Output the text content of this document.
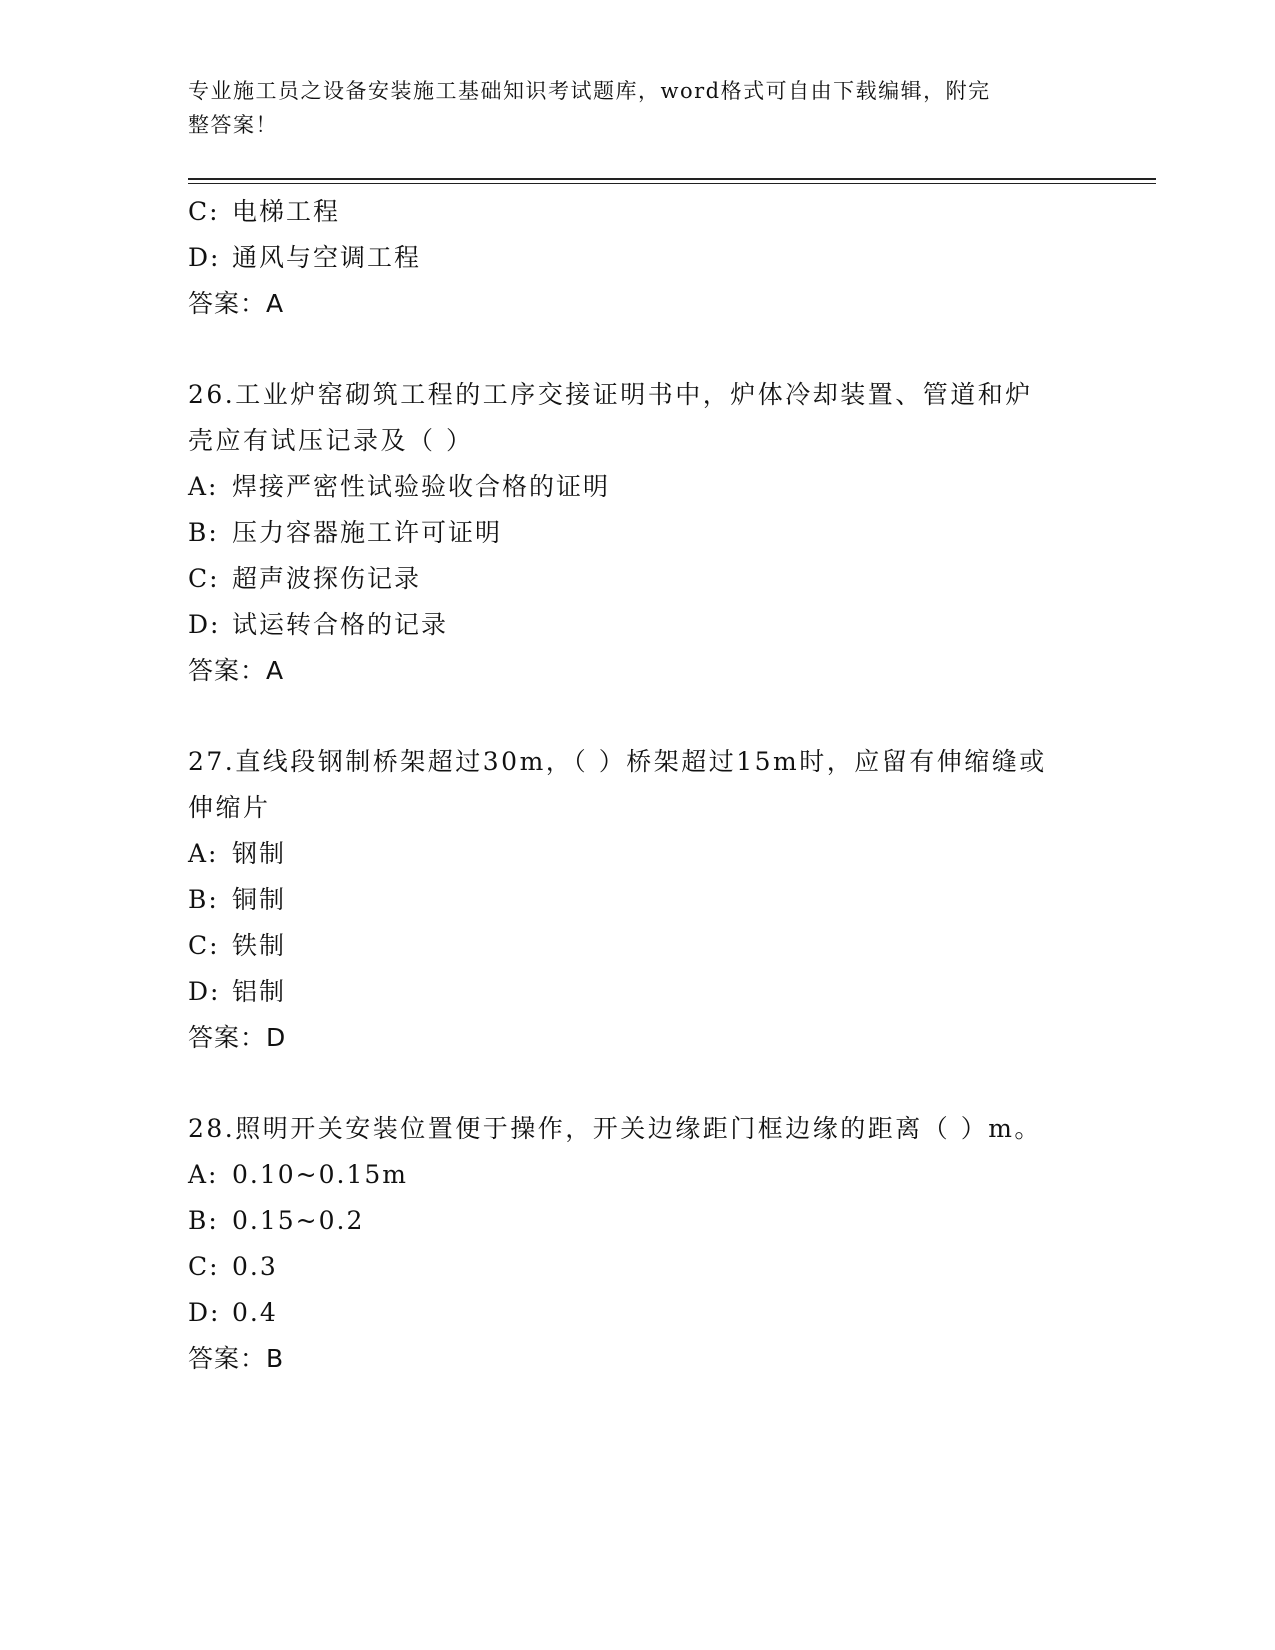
专业施工员之设备安装施工基础知识考试题库，word格式可自由下载编辑，附完
整答案！
C: 电梯工程
D: 通风与空调工程
答案：A
26.工业炉窑砌筑工程的工序交接证明书中，炉体冷却装置、管道和炉
壳应有试压记录及（ ）
A: 焊接严密性试验验收合格的证明
B: 压力容器施工许可证明
C: 超声波探伤记录
D: 试运转合格的记录
答案：A
27.直线段钢制桥架超过30m，（ ）桥架超过15m时，应留有伸缩缝或
伸缩片
A: 钢制
B: 铜制
C: 铁制
D: 铝制
答案：D
28.照明开关安装位置便于操作，开关边缘距门框边缘的距离（ ）m。
A: 0.10~0.15m
B: 0.15~0.2
C: 0.3
D: 0.4
答案：B
